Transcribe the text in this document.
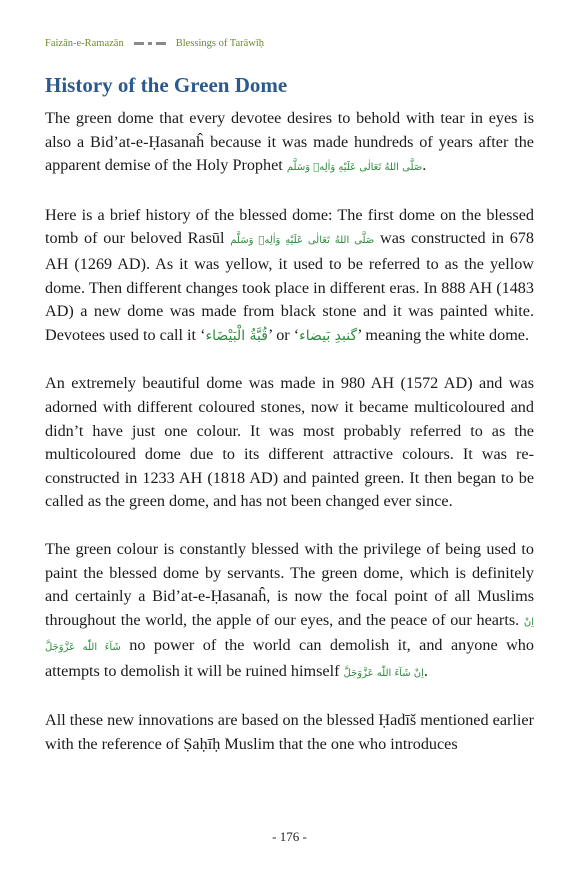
Faizān-e-Ramazān	Blessings of Tarāwīḥ
History of the Green Dome

The green dome that every devotee desires to behold with tear in eyes is also a Bid’at-e-Ḥasanaĥ because it was made hundreds of years after the apparent demise of the Holy Prophet صَلَّى اللهُ تَعَالٰى عَلَيْهِ وَاٰلِهٖ وَسَلَّم.

Here is a brief history of the blessed dome: The first dome on the blessed tomb of our beloved Rasūl صَلَّى اللهُ تَعَالٰى عَلَيْهِ وَاٰلِهٖ وَسَلَّم was constructed in 678 AH (1269 AD). As it was yellow, it used to be referred to as the yellow dome. Then different changes took place in different eras. In 888 AH (1483 AD) a new dome was made from black stone and it was painted white. Devotees used to call it ‘قُبَّةُ الْبَيْضَاء’ or ‘گنبدِ بَیضاء’ meaning the white dome.

An extremely beautiful dome was made in 980 AH (1572 AD) and was adorned with different coloured stones, now it became multicoloured and didn’t have just one colour. It was most probably referred to as the multicoloured dome due to its different attractive colours. It was re-constructed in 1233 AH (1818 AD) and painted green. It then began to be called as the green dome, and has not been changed ever since.

The green colour is constantly blessed with the privilege of being used to paint the blessed dome by servants. The green dome, which is definitely and certainly a Bid’at-e-Ḥasanaĥ, is now the focal point of all Muslims throughout the world, the apple of our eyes, and the peace of our hearts. اِنْ شَآءَ اللّٰه عَزَّوَجَلَّ no power of the world can demolish it, and anyone who attempts to demolish it will be ruined himself اِنْ شَآءَ اللّٰه عَزَّوَجَلَّ.

All these new innovations are based on the blessed Ḥadīš mentioned earlier with the reference of Ṣaḥīḥ Muslim that the one who introduces

- 176 -
